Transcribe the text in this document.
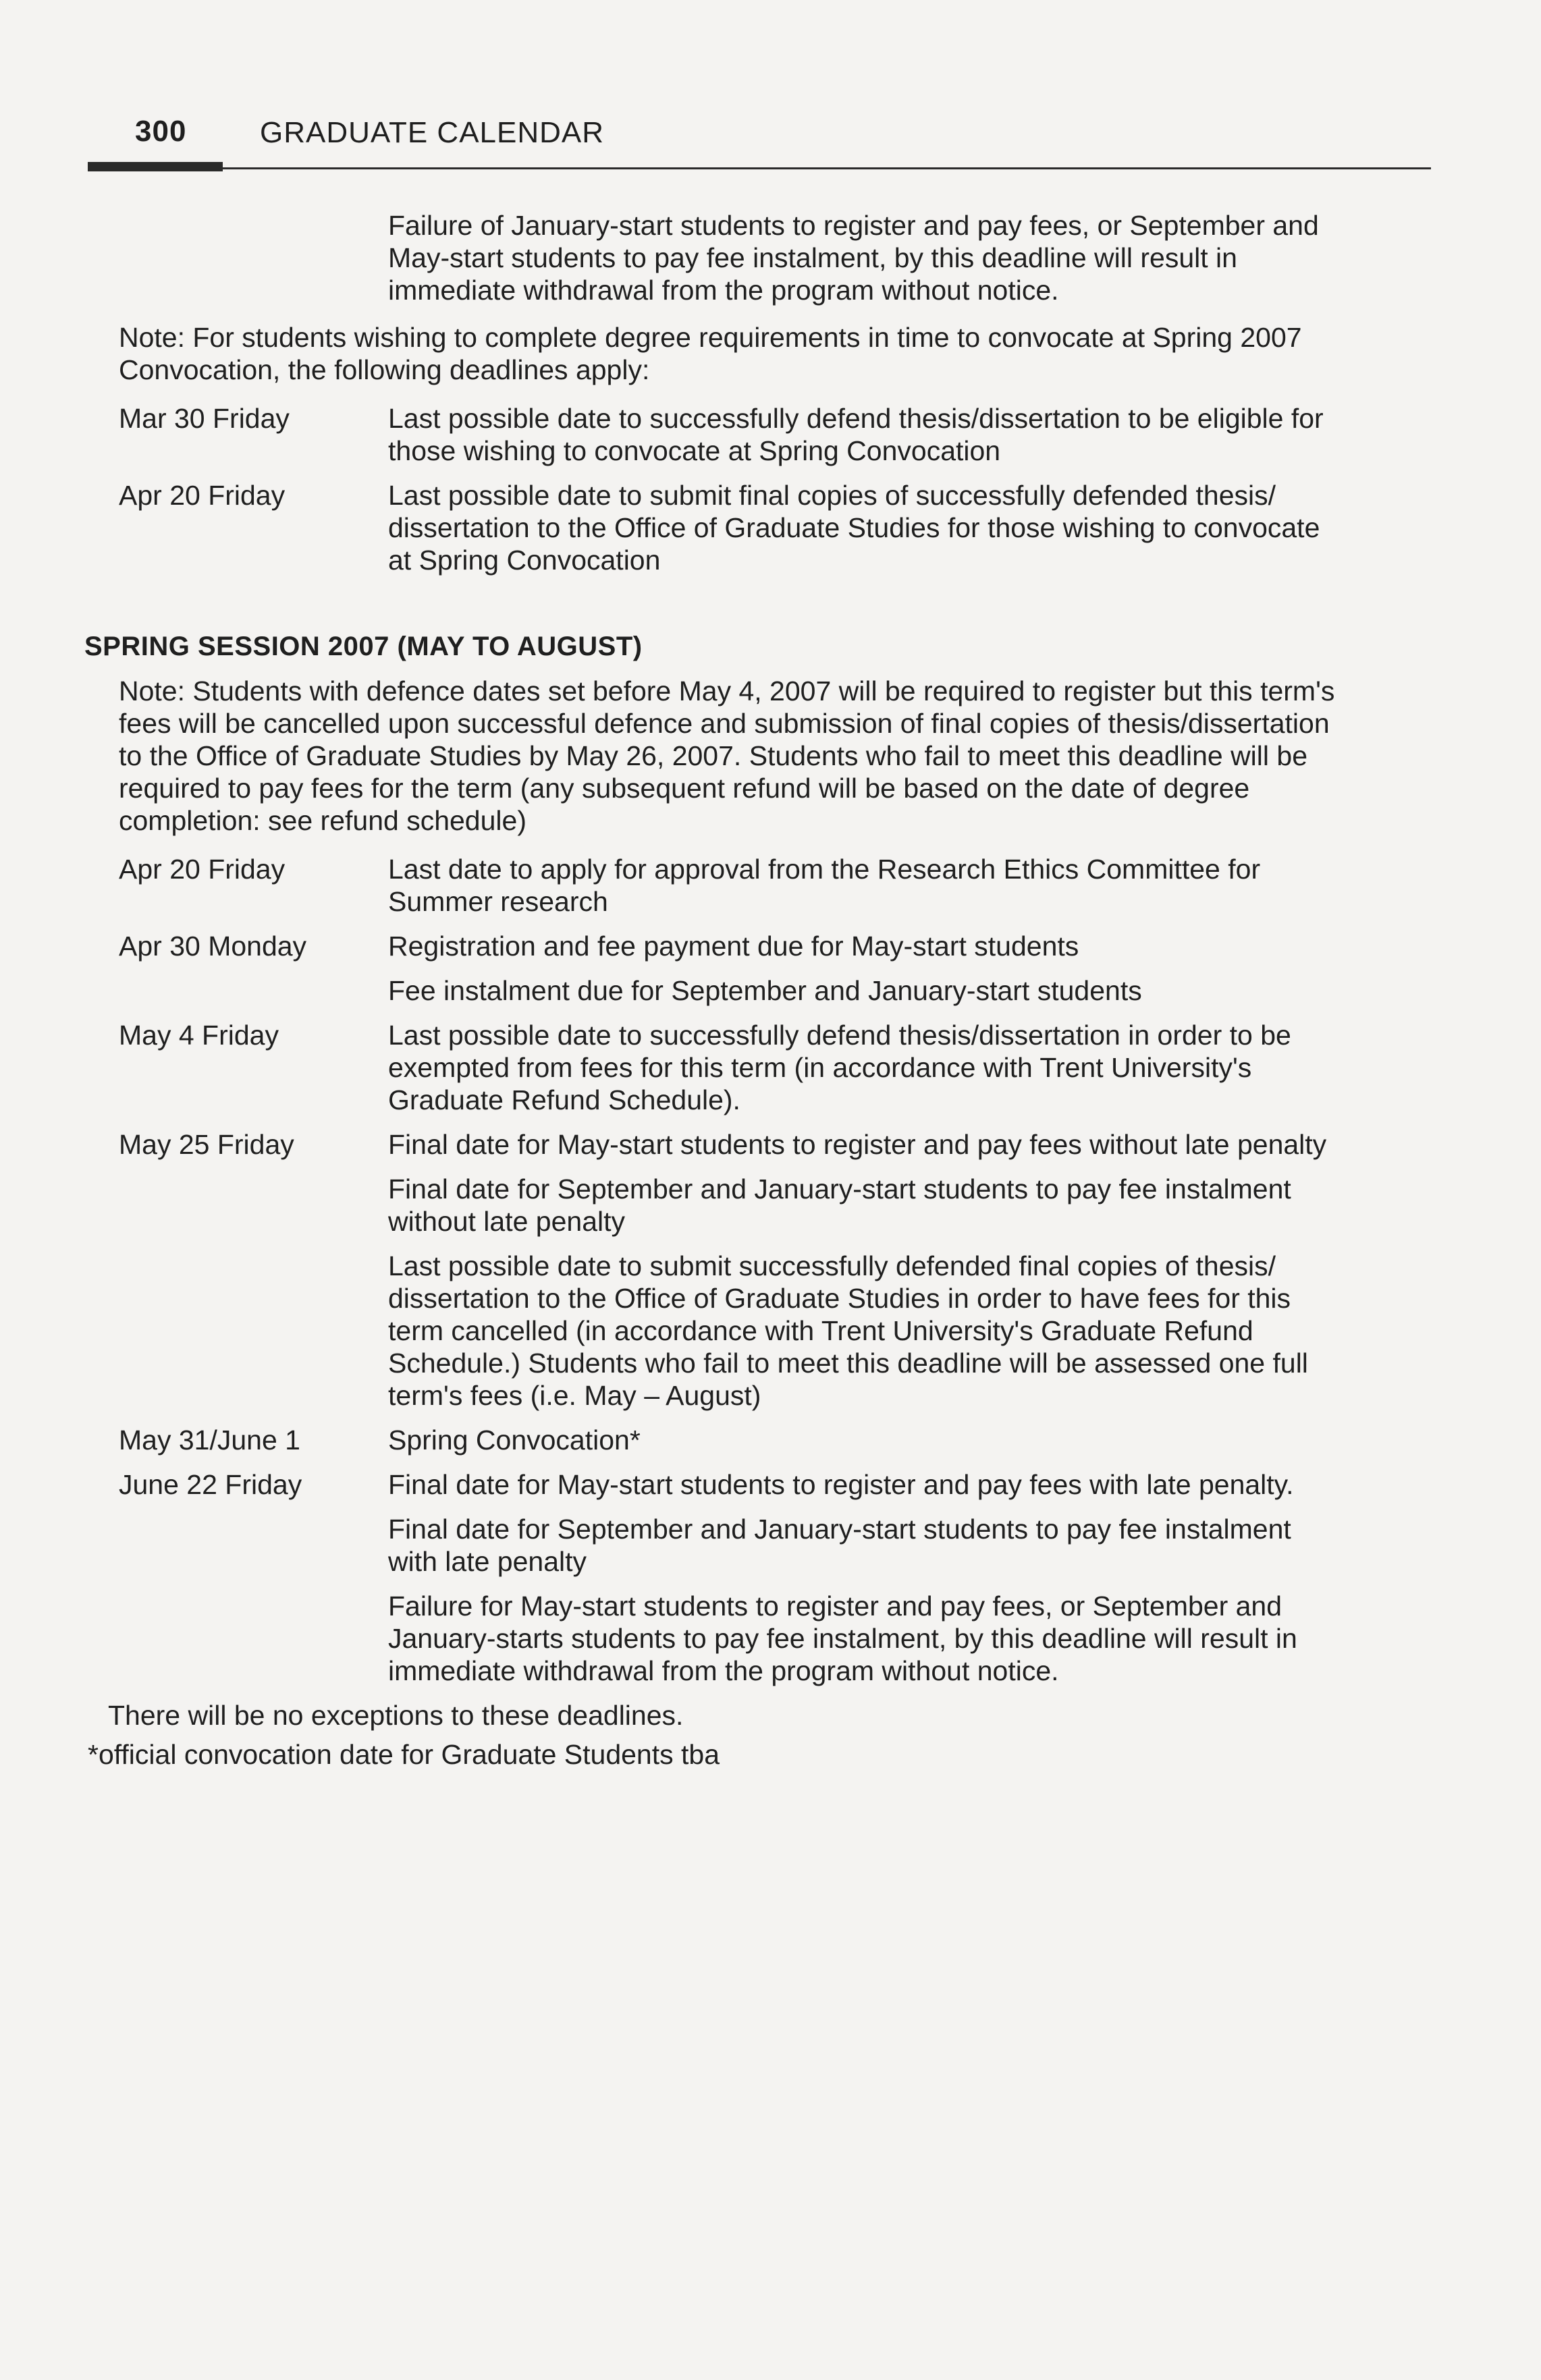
300 GRADUATE CALENDAR
Failure of January-start students to register and pay fees, or September and May-start students to pay fee instalment, by this deadline will result in immediate withdrawal from the program without notice.
Note: For students wishing to complete degree requirements in time to convocate at Spring 2007 Convocation, the following deadlines apply:
Mar 30 Friday	Last possible date to successfully defend thesis/dissertation to be eligible for those wishing to convocate at Spring Convocation
Apr 20 Friday	Last possible date to submit final copies of successfully defended thesis/ dissertation to the Office of Graduate Studies for those wishing to convocate at Spring Convocation
SPRING SESSION 2007 (MAY TO AUGUST)
Note: Students with defence dates set before May 4, 2007 will be required to register but this term's fees will be cancelled upon successful defence and submission of final copies of thesis/dissertation to the Office of Graduate Studies by May 26, 2007. Students who fail to meet this deadline will be required to pay fees for the term (any subsequent refund will be based on the date of degree completion: see refund schedule)
Apr 20 Friday	Last date to apply for approval from the Research Ethics Committee for Summer research
Apr 30 Monday	Registration and fee payment due for May-start students
Fee instalment due for September and January-start students
May 4 Friday	Last possible date to successfully defend thesis/dissertation in order to be exempted from fees for this term (in accordance with Trent University's Graduate Refund Schedule).
May 25 Friday	Final date for May-start students to register and pay fees without late penalty
Final date for September and January-start students to pay fee instalment without late penalty
Last possible date to submit successfully defended final copies of thesis/ dissertation to the Office of Graduate Studies in order to have fees for this term cancelled (in accordance with Trent University's Graduate Refund Schedule.) Students who fail to meet this deadline will be assessed one full term's fees (i.e. May – August)
May 31/June 1	Spring Convocation*
June 22 Friday	Final date for May-start students to register and pay fees with late penalty.
Final date for September and January-start students to pay fee instalment with late penalty
Failure for May-start students to register and pay fees, or September and January-starts students to pay fee instalment, by this deadline will result in immediate withdrawal from the program without notice.
There will be no exceptions to these deadlines.
*official convocation date for Graduate Students tba
